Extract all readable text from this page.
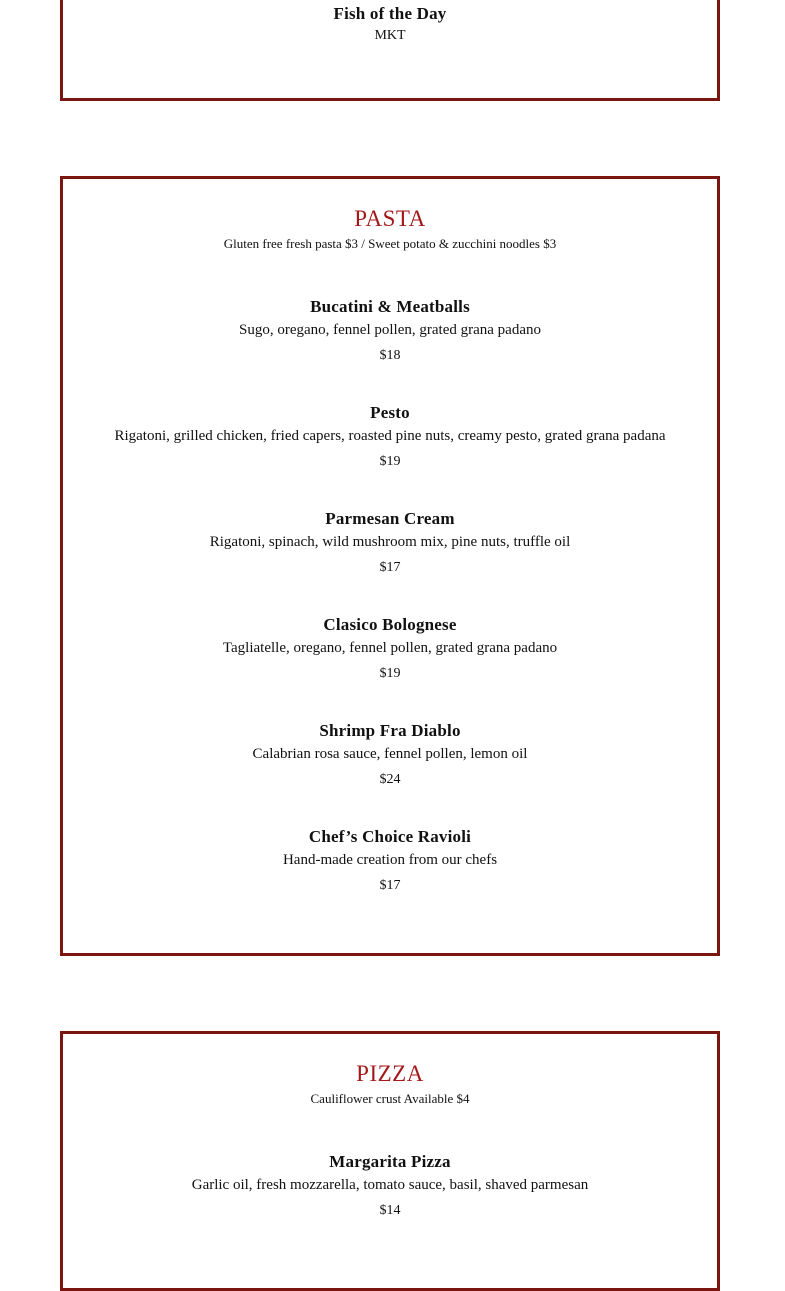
Fish of the Day
MKT
PASTA
Gluten free fresh pasta $3 / Sweet potato & zucchini noodles $3
Bucatini & Meatballs
Sugo, oregano, fennel pollen, grated grana padano
$18
Pesto
Rigatoni, grilled chicken, fried capers, roasted pine nuts, creamy pesto, grated grana padana
$19
Parmesan Cream
Rigatoni, spinach, wild mushroom mix, pine nuts, truffle oil
$17
Clasico Bolognese
Tagliatelle, oregano, fennel pollen, grated grana padano
$19
Shrimp Fra Diablo
Calabrian rosa sauce, fennel pollen, lemon oil
$24
Chef’s Choice Ravioli
Hand-made creation from our chefs
$17
PIZZA
Cauliflower crust Available $4
Margarita Pizza
Garlic oil, fresh mozzarella, tomato sauce, basil, shaved parmesan
$14
